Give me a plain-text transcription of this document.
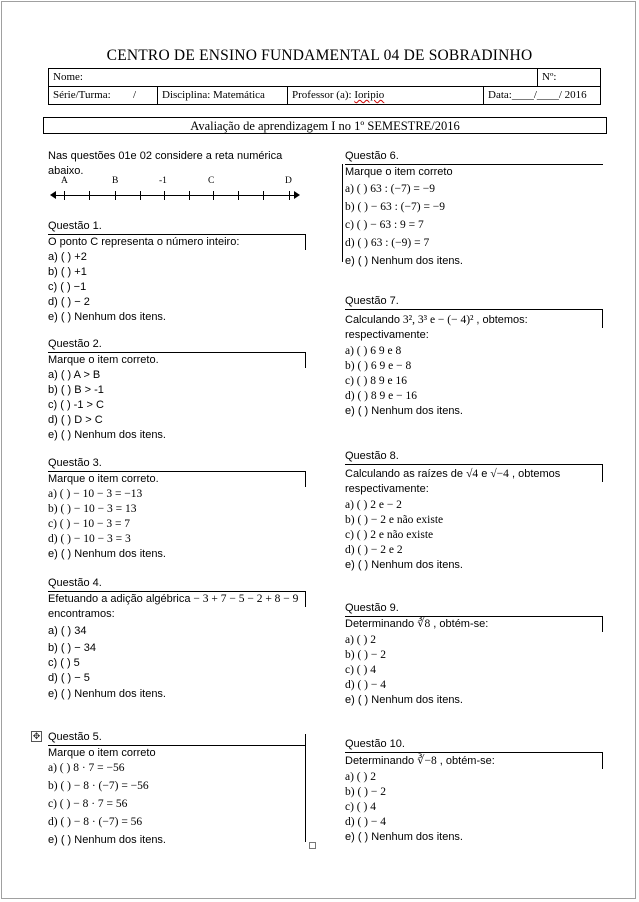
CENTRO DE ENSINO FUNDAMENTAL 04 DE SOBRADINHO
Nome:	Nº:
Série/Turma:	/	Disciplina: Matemática	Professor (a): Ioripio	Data:____/____/ 2016
Avaliação de aprendizagem I no 1º SEMESTRE/2016
Nas questões 01e 02 considere a reta numérica abaixo.
A	B	-1	C	D
Questão 1.
O ponto C representa o número inteiro:
a) ( ) +2
b) ( ) +1
c) ( ) −1
d) ( ) − 2
e) ( ) Nenhum dos itens.
Questão 2.
Marque o item correto.
a) ( ) A > B
b) ( ) B > -1
c) ( ) -1 > C
d) ( ) D > C
e) ( ) Nenhum dos itens.
Questão 3.
Marque o item correto.
a) ( ) − 10 − 3 = −13
b) ( ) − 10 − 3 = 13
c) ( ) − 10 − 3 = 7
d) ( ) − 10 − 3 = 3
e) ( ) Nenhum dos itens.
Questão 4.
Efetuando a adição algébrica − 3 + 7 − 5 − 2 + 8 − 9
encontramos:
a) ( ) 34
b) ( ) − 34
c) ( ) 5
d) ( ) − 5
e) ( ) Nenhum dos itens.
✥ Questão 5.
Marque o item correto
a) ( ) 8 · 7 = −56
b) ( ) − 8 · (−7) = −56
c) ( ) − 8 · 7 = 56
d) ( ) − 8 · (−7) = 56
e) ( ) Nenhum dos itens.
Questão 6.
Marque o item correto
a) ( ) 63 : (−7) = −9
b) ( ) − 63 : (−7) = −9
c) ( ) − 63 : 9 = 7
d) ( ) 63 : (−9) = 7
e) ( ) Nenhum dos itens.
Questão 7.
Calculando 3², 3³ e − (− 4)² , obtemos:
respectivamente:
a) ( ) 6 9 e 8
b) ( ) 6 9 e − 8
c) ( ) 8 9 e 16
d) ( ) 8 9 e − 16
e) ( ) Nenhum dos itens.
Questão 8.
Calculando as raízes de √4 e √−4 , obtemos
respectivamente:
a) ( ) 2 e − 2
b) ( ) − 2 e não existe
c) ( ) 2 e não existe
d) ( ) − 2 e 2
e) ( ) Nenhum dos itens.
Questão 9.
Determinando ∛8 , obtém-se:
a) ( ) 2
b) ( ) − 2
c) ( ) 4
d) ( ) − 4
e) ( ) Nenhum dos itens.
Questão 10.
Determinando ∛−8 , obtém-se:
a) ( ) 2
b) ( ) − 2
c) ( ) 4
d) ( ) − 4
e) ( ) Nenhum dos itens.
